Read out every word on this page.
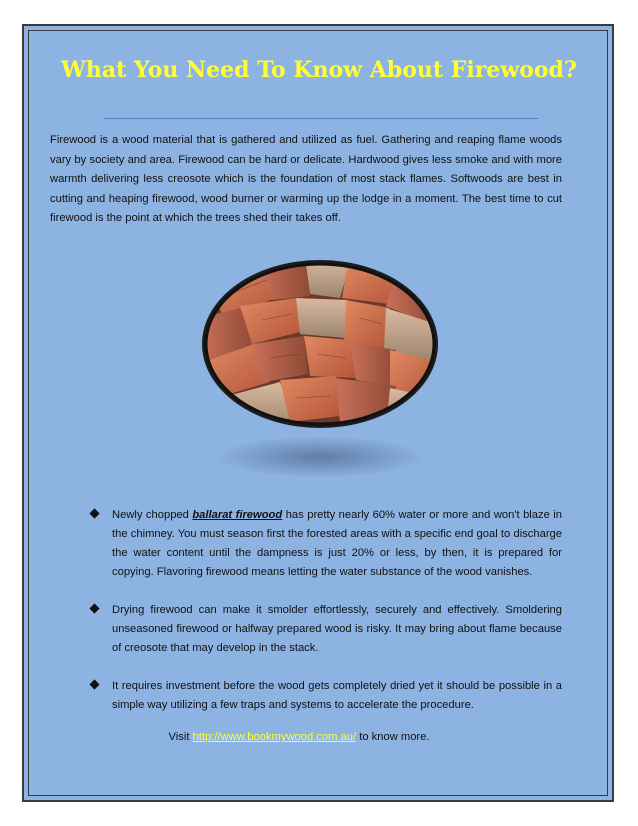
What You Need To Know About Firewood?

Firewood is a wood material that is gathered and utilized as fuel. Gathering and reaping flame woods vary by society and area. Firewood can be hard or delicate. Hardwood gives less smoke and with more warmth delivering less creosote which is the foundation of most stack flames. Softwoods are best in cutting and heaping firewood, wood burner or warming up the lodge in a moment. The best time to cut firewood is the point at which the trees shed their takes off.

Newly chopped ballarat firewood has pretty nearly 60% water or more and won't blaze in the chimney. You must season first the forested areas with a specific end goal to discharge the water content until the dampness is just 20% or less, by then, it is prepared for copying. Flavoring firewood means letting the water substance of the wood vanishes.
Drying firewood can make it smolder effortlessly, securely and effectively. Smoldering unseasoned firewood or halfway prepared wood is risky. It may bring about flame because of creosote that may develop in the stack.
It requires investment before the wood gets completely dried yet it should be possible in a simple way utilizing a few traps and systems to accelerate the procedure.
Visit http://www.bookmywood.com.au/ to know more.
